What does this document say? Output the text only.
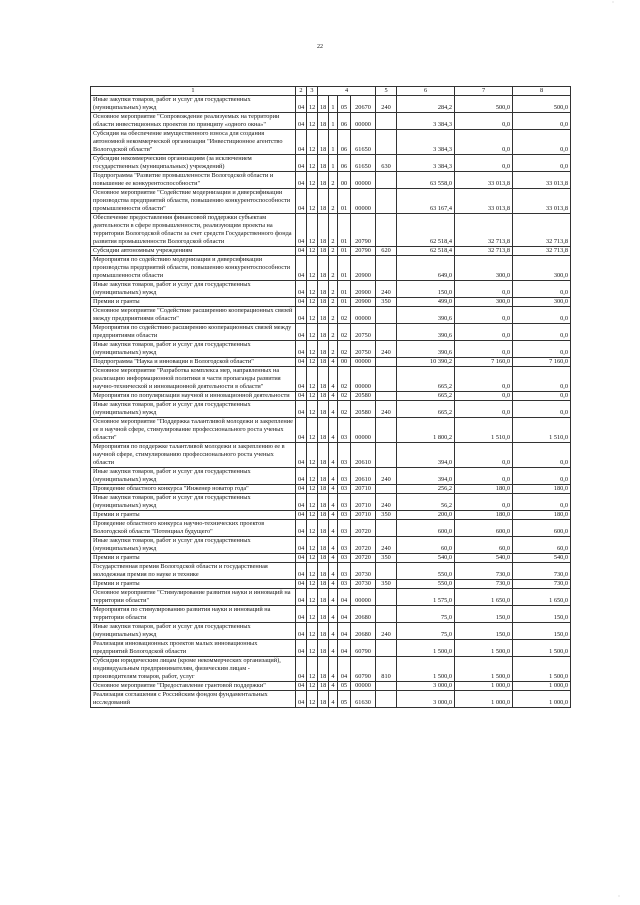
22
1	2	3	4				5	6	7	8
Иные закупки товаров, работ и услуг для государственных (муниципальных) нужд	04	12	18	1	05	20670	240	284,2	500,0	500,0
Основное мероприятие "Сопровождение реализуемых на территории области инвестиционных проектов по принципу «одного окна»"	04	12	18	1	06	00000		3 384,3	0,0	0,0
Субсидия на обеспечение имущественного взноса для создания автономной некоммерческой организации "Инвестиционное агентство Вологодской области"	04	12	18	1	06	61650		3 384,3	0,0	0,0
Субсидии некоммерческим организациям (за исключением государственных (муниципальных) учреждений)	04	12	18	1	06	61650	630	3 384,3	0,0	0,0
Подпрограмма "Развитие промышленности Вологодской области и повышение ее конкурентоспособности"	04	12	18	2	00	00000		63 558,0	33 013,8	33 013,8
Основное мероприятие "Содействие модернизации и диверсификации производства предприятий области, повышению конкурентоспособности промышленности области"	04	12	18	2	01	00000		63 167,4	33 013,8	33 013,8
Обеспечение предоставления финансовой поддержки субъектам деятельности в сфере промышленности, реализующим проекты на территории Вологодской области за счет средств Государственного фонда развития промышленности Вологодской области	04	12	18	2	01	20790		62 518,4	32 713,8	32 713,8
Субсидии автономным учреждениям	04	12	18	2	01	20790	620	62 518,4	32 713,8	32 713,8
Мероприятия по содействию модернизации и диверсификации производства предприятий области, повышению конкурентоспособности промышленности области	04	12	18	2	01	20900		649,0	300,0	300,0
Иные закупки товаров, работ и услуг для государственных (муниципальных) нужд	04	12	18	2	01	20900	240	150,0	0,0	0,0
Премии и гранты	04	12	18	2	01	20900	350	499,0	300,0	300,0
Основное мероприятие "Содействие расширению кооперационных связей между предприятиями области"	04	12	18	2	02	00000		390,6	0,0	0,0
Мероприятия по содействию расширению кооперационных связей между предприятиями области	04	12	18	2	02	20750		390,6	0,0	0,0
Иные закупки товаров, работ и услуг для государственных (муниципальных) нужд	04	12	18	2	02	20750	240	390,6	0,0	0,0
Подпрограмма "Наука и инновации в Вологодской области"	04	12	18	4	00	00000		10 390,2	7 160,0	7 160,0
Основное мероприятие "Разработка комплекса мер, направленных на реализацию информационной политики в части пропаганды развития научно-технической и инновационной деятельности в области"	04	12	18	4	02	00000		665,2	0,0	0,0
Мероприятия по популяризации научной и инновационной деятельности	04	12	18	4	02	20580		665,2	0,0	0,0
Иные закупки товаров, работ и услуг для государственных (муниципальных) нужд	04	12	18	4	02	20580	240	665,2	0,0	0,0
Основное мероприятие "Поддержка талантливой молодежи и закрепление ее в научной сфере, стимулирование профессионального роста ученых области"	04	12	18	4	03	00000		1 800,2	1 510,0	1 510,0
Мероприятия по поддержке талантливой молодежи и закреплению ее в научной сфере, стимулированию профессионального роста ученых области	04	12	18	4	03	20610		394,0	0,0	0,0
Иные закупки товаров, работ и услуг для государственных (муниципальных) нужд	04	12	18	4	03	20610	240	394,0	0,0	0,0
Проведение областного конкурса "Инженер новатор года"	04	12	18	4	03	20710		256,2	180,0	180,0
Иные закупки товаров, работ и услуг для государственных (муниципальных) нужд	04	12	18	4	03	20710	240	56,2	0,0	0,0
Премии и гранты	04	12	18	4	03	20710	350	200,0	180,0	180,0
Проведение областного конкурса научно-технических проектов Вологодской области "Потенциал будущего"	04	12	18	4	03	20720		600,0	600,0	600,0
Иные закупки товаров, работ и услуг для государственных (муниципальных) нужд	04	12	18	4	03	20720	240	60,0	60,0	60,0
Премии и гранты	04	12	18	4	03	20720	350	540,0	540,0	540,0
Государственная премия Вологодской области и государственная молодежная премия по науке и технике	04	12	18	4	03	20730		550,0	730,0	730,0
Премии и гранты	04	12	18	4	03	20730	350	550,0	730,0	730,0
Основное мероприятие "Стимулирование развития науки и инноваций на территории области"	04	12	18	4	04	00000		1 575,0	1 650,0	1 650,0
Мероприятия по стимулированию развития науки и инноваций на территории области	04	12	18	4	04	20680		75,0	150,0	150,0
Иные закупки товаров, работ и услуг для государственных (муниципальных) нужд	04	12	18	4	04	20680	240	75,0	150,0	150,0
Реализация инновационных проектов малых инновационных предприятий Вологодской области	04	12	18	4	04	60790		1 500,0	1 500,0	1 500,0
Субсидии юридическим лицам (кроме некоммерческих организаций), индивидуальным предпринимателям, физическим лицам - производителям товаров, работ, услуг	04	12	18	4	04	60790	810	1 500,0	1 500,0	1 500,0
Основное мероприятие "Предоставление грантовой поддержки"	04	12	18	4	05	00000		3 000,0	1 000,0	1 000,0
Реализация соглашения с Российским фондом фундаментальных исследований	04	12	18	4	05	61630		3 000,0	1 000,0	1 000,0
ˈ
ˈ
